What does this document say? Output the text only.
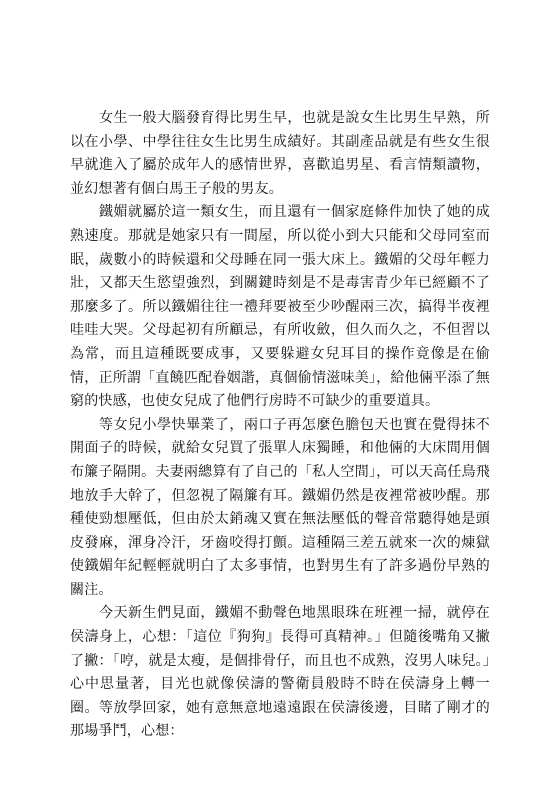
　　女生一般大腦發育得比男生早，也就是說女生比男生早熟，所以在小學、中學往往女生比男生成績好。其副產品就是有些女生很早就進入了屬於成年人的感情世界，喜歡追男星、看言情類讀物，並幻想著有個白馬王子般的男友。

　　鐵媚就屬於這一類女生，而且還有一個家庭條件加快了她的成熟速度。那就是她家只有一間屋，所以從小到大只能和父母同室而眠，歲數小的時候還和父母睡在同一張大床上。鐵媚的父母年輕力壯，又都天生慾望強烈，到關鍵時刻是不是毒害青少年已經顧不了那麼多了。所以鐵媚往往一禮拜要被至少吵醒兩三次，搞得半夜裡哇哇大哭。父母起初有所顧忌，有所收斂，但久而久之，不但習以為常，而且這種既要成事，又要躲避女兒耳目的操作竟像是在偷情，正所謂「直饒匹配眷姻諧，真個偷情滋味美」，給他倆平添了無窮的快感，也使女兒成了他們行房時不可缺少的重要道具。

　　等女兒小學快畢業了，兩口子再怎麼色膽包天也實在覺得抹不開面子的時候，就給女兒買了張單人床獨睡，和他倆的大床間用個布簾子隔開。夫妻兩總算有了自己的「私人空間」，可以天高任鳥飛地放手大幹了，但忽視了隔簾有耳。鐵媚仍然是夜裡常被吵醒。那種使勁想壓低，但由於太銷魂又實在無法壓低的聲音常聽得她是頭皮發麻，渾身冷汗，牙齒咬得打顫。這種隔三差五就來一次的煉獄使鐵媚年紀輕輕就明白了太多事情，也對男生有了許多過份早熟的關注。

　　今天新生們見面，鐵媚不動聲色地黑眼珠在班裡一掃，就停在侯濤身上，心想：「這位『狗狗』長得可真精神。」但隨後嘴角又撇了撇：「哼，就是太瘦，是個排骨仔，而且也不成熟，沒男人味兒。」心中思量著，目光也就像侯濤的警衛員般時不時在侯濤身上轉一圈。等放學回家，她有意無意地遠遠跟在侯濤後邊，目睹了剛才的那場爭鬥，心想：
